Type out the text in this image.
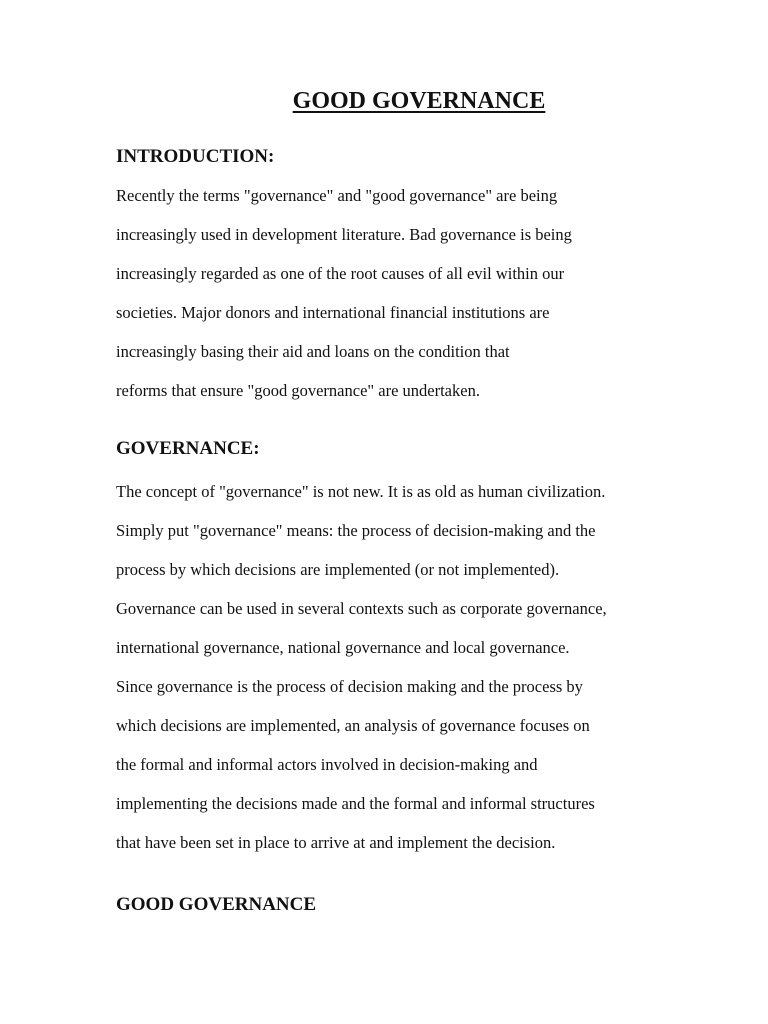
GOOD GOVERNANCE
INTRODUCTION:

Recently the terms "governance" and "good governance" are being
increasingly used in development literature. Bad governance is being
increasingly regarded as one of the root causes of all evil within our
societies. Major donors and international financial institutions are
increasingly basing their aid and loans on the condition that
reforms that ensure "good governance" are undertaken.

GOVERNANCE:

The concept of "governance" is not new. It is as old as human civilization.
Simply put "governance" means: the process of decision-making and the
process by which decisions are implemented (or not implemented).
Governance can be used in several contexts such as corporate governance,
international governance, national governance and local governance.
Since governance is the process of decision making and the process by
which decisions are implemented, an analysis of governance focuses on
the formal and informal actors involved in decision-making and
implementing the decisions made and the formal and informal structures
that have been set in place to arrive at and implement the decision.

GOOD GOVERNANCE
